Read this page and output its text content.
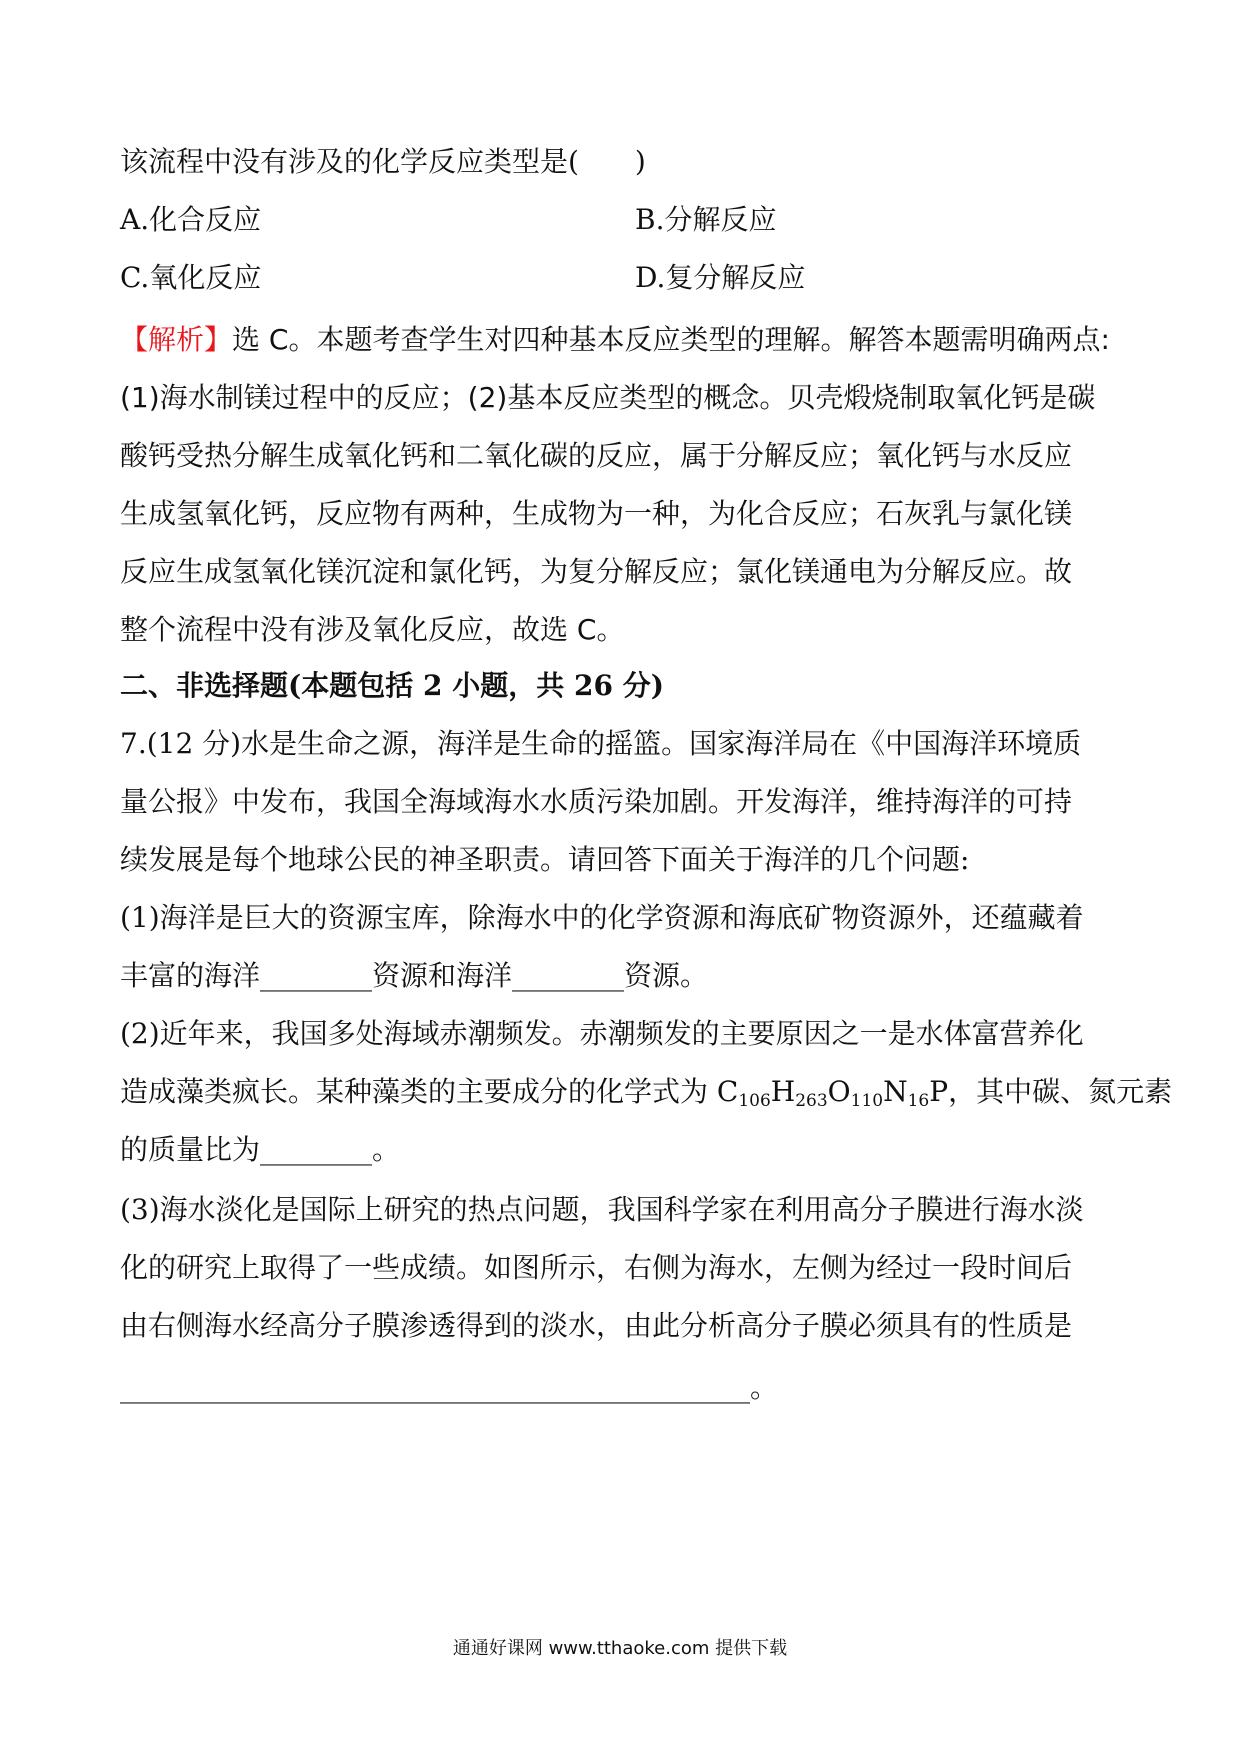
该流程中没有涉及的化学反应类型是(　　)
A.化合反应	B.分解反应
C.氧化反应	D.复分解反应
【解析】选 C。本题考查学生对四种基本反应类型的理解。解答本题需明确两点:
(1)海水制镁过程中的反应；(2)基本反应类型的概念。贝壳煅烧制取氧化钙是碳
酸钙受热分解生成氧化钙和二氧化碳的反应，属于分解反应；氧化钙与水反应
生成氢氧化钙，反应物有两种，生成物为一种，为化合反应；石灰乳与氯化镁
反应生成氢氧化镁沉淀和氯化钙，为复分解反应；氯化镁通电为分解反应。故
整个流程中没有涉及氧化反应，故选 C。
二、非选择题(本题包括 2 小题，共 26 分)
7.(12 分)水是生命之源，海洋是生命的摇篮。国家海洋局在《中国海洋环境质
量公报》中发布，我国全海域海水水质污染加剧。开发海洋，维持海洋的可持
续发展是每个地球公民的神圣职责。请回答下面关于海洋的几个问题:
(1)海洋是巨大的资源宝库，除海水中的化学资源和海底矿物资源外，还蕴藏着
丰富的海洋________资源和海洋________资源。
(2)近年来，我国多处海域赤潮频发。赤潮频发的主要原因之一是水体富营养化
造成藻类疯长。某种藻类的主要成分的化学式为 $C_{106}H_{263}O_{110}N_{16}P$，其中碳、氮元素
的质量比为________。
(3)海水淡化是国际上研究的热点问题，我国科学家在利用高分子膜进行海水淡
化的研究上取得了一些成绩。如图所示，右侧为海水，左侧为经过一段时间后
由右侧海水经高分子膜渗透得到的淡水，由此分析高分子膜必须具有的性质是
_____________________________________________。
通通好课网 www.tthaoke.com 提供下载
